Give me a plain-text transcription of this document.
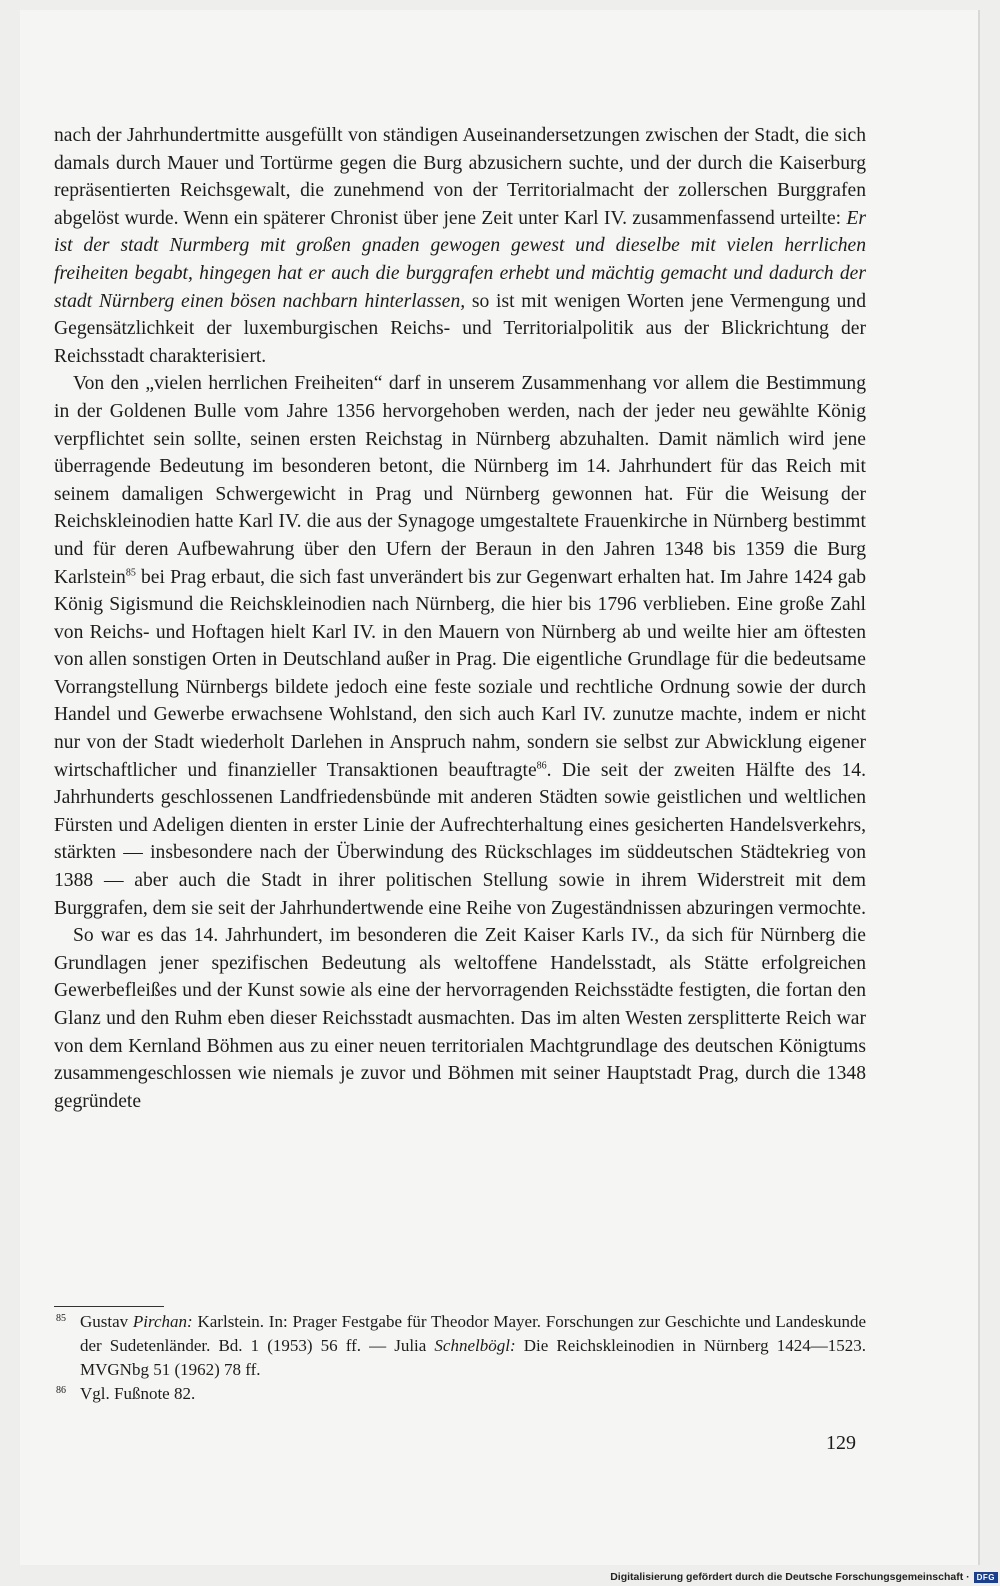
nach der Jahrhundertmitte ausgefüllt von ständigen Auseinandersetzungen zwischen der Stadt, die sich damals durch Mauer und Tortürme gegen die Burg abzusichern suchte, und der durch die Kaiserburg repräsentierten Reichsgewalt, die zunehmend von der Territorialmacht der zollerschen Burggrafen abgelöst wurde. Wenn ein späterer Chronist über jene Zeit unter Karl IV. zusammenfassend urteilte: Er ist der stadt Nurmberg mit großen gnaden gewogen gewest und dieselbe mit vielen herrlichen freiheiten begabt, hingegen hat er auch die burggrafen erhebt und mächtig gemacht und dadurch der stadt Nürnberg einen bösen nachbarn hinterlassen, so ist mit wenigen Worten jene Vermengung und Gegensätzlichkeit der luxemburgischen Reichs- und Territorialpolitik aus der Blickrichtung der Reichsstadt charakterisiert.

Von den „vielen herrlichen Freiheiten“ darf in unserem Zusammenhang vor allem die Bestimmung in der Goldenen Bulle vom Jahre 1356 hervorgehoben werden, nach der jeder neu gewählte König verpflichtet sein sollte, seinen ersten Reichstag in Nürnberg abzuhalten. Damit nämlich wird jene überragende Bedeutung im besonderen betont, die Nürnberg im 14. Jahrhundert für das Reich mit seinem damaligen Schwergewicht in Prag und Nürnberg gewonnen hat. Für die Weisung der Reichskleinodien hatte Karl IV. die aus der Synagoge umgestaltete Frauenkirche in Nürnberg bestimmt und für deren Aufbewahrung über den Ufern der Beraun in den Jahren 1348 bis 1359 die Burg Karlstein$^{85}$ bei Prag erbaut, die sich fast unverändert bis zur Gegenwart erhalten hat. Im Jahre 1424 gab König Sigismund die Reichskleinodien nach Nürnberg, die hier bis 1796 verblieben. Eine große Zahl von Reichs- und Hoftagen hielt Karl IV. in den Mauern von Nürnberg ab und weilte hier am öftesten von allen sonstigen Orten in Deutschland außer in Prag. Die eigentliche Grundlage für die bedeutsame Vorrangstellung Nürnbergs bildete jedoch eine feste soziale und rechtliche Ordnung sowie der durch Handel und Gewerbe erwachsene Wohlstand, den sich auch Karl IV. zunutze machte, indem er nicht nur von der Stadt wiederholt Darlehen in Anspruch nahm, sondern sie selbst zur Abwicklung eigener wirtschaftlicher und finanzieller Transaktionen beauftragte$^{86}$. Die seit der zweiten Hälfte des 14. Jahrhunderts geschlossenen Landfriedensbünde mit anderen Städten sowie geistlichen und weltlichen Fürsten und Adeligen dienten in erster Linie der Aufrechterhaltung eines gesicherten Handelsverkehrs, stärkten — insbesondere nach der Überwindung des Rückschlages im süddeutschen Städtekrieg von 1388 — aber auch die Stadt in ihrer politischen Stellung sowie in ihrem Widerstreit mit dem Burggrafen, dem sie seit der Jahrhundertwende eine Reihe von Zugeständnissen abzuringen vermochte.

So war es das 14. Jahrhundert, im besonderen die Zeit Kaiser Karls IV., da sich für Nürnberg die Grundlagen jener spezifischen Bedeutung als weltoffene Handelsstadt, als Stätte erfolgreichen Gewerbefleißes und der Kunst sowie als eine der hervorragenden Reichsstädte festigten, die fortan den Glanz und den Ruhm eben dieser Reichsstadt ausmachten. Das im alten Westen zersplitterte Reich war von dem Kernland Böhmen aus zu einer neuen territorialen Machtgrundlage des deutschen Königtums zusammengeschlossen wie niemals je zuvor und Böhmen mit seiner Hauptstadt Prag, durch die 1348 gegründete

85 Gustav Pirchan: Karlstein. In: Prager Festgabe für Theodor Mayer. Forschungen zur Geschichte und Landeskunde der Sudetenländer. Bd. 1 (1953) 56 ff. — Julia Schnelbögl: Die Reichskleinodien in Nürnberg 1424—1523. MVGNbg 51 (1962) 78 ff.
86 Vgl. Fußnote 82.
129
Digitalisierung gefördert durch die Deutsche Forschungsgemeinschaft · DFG
